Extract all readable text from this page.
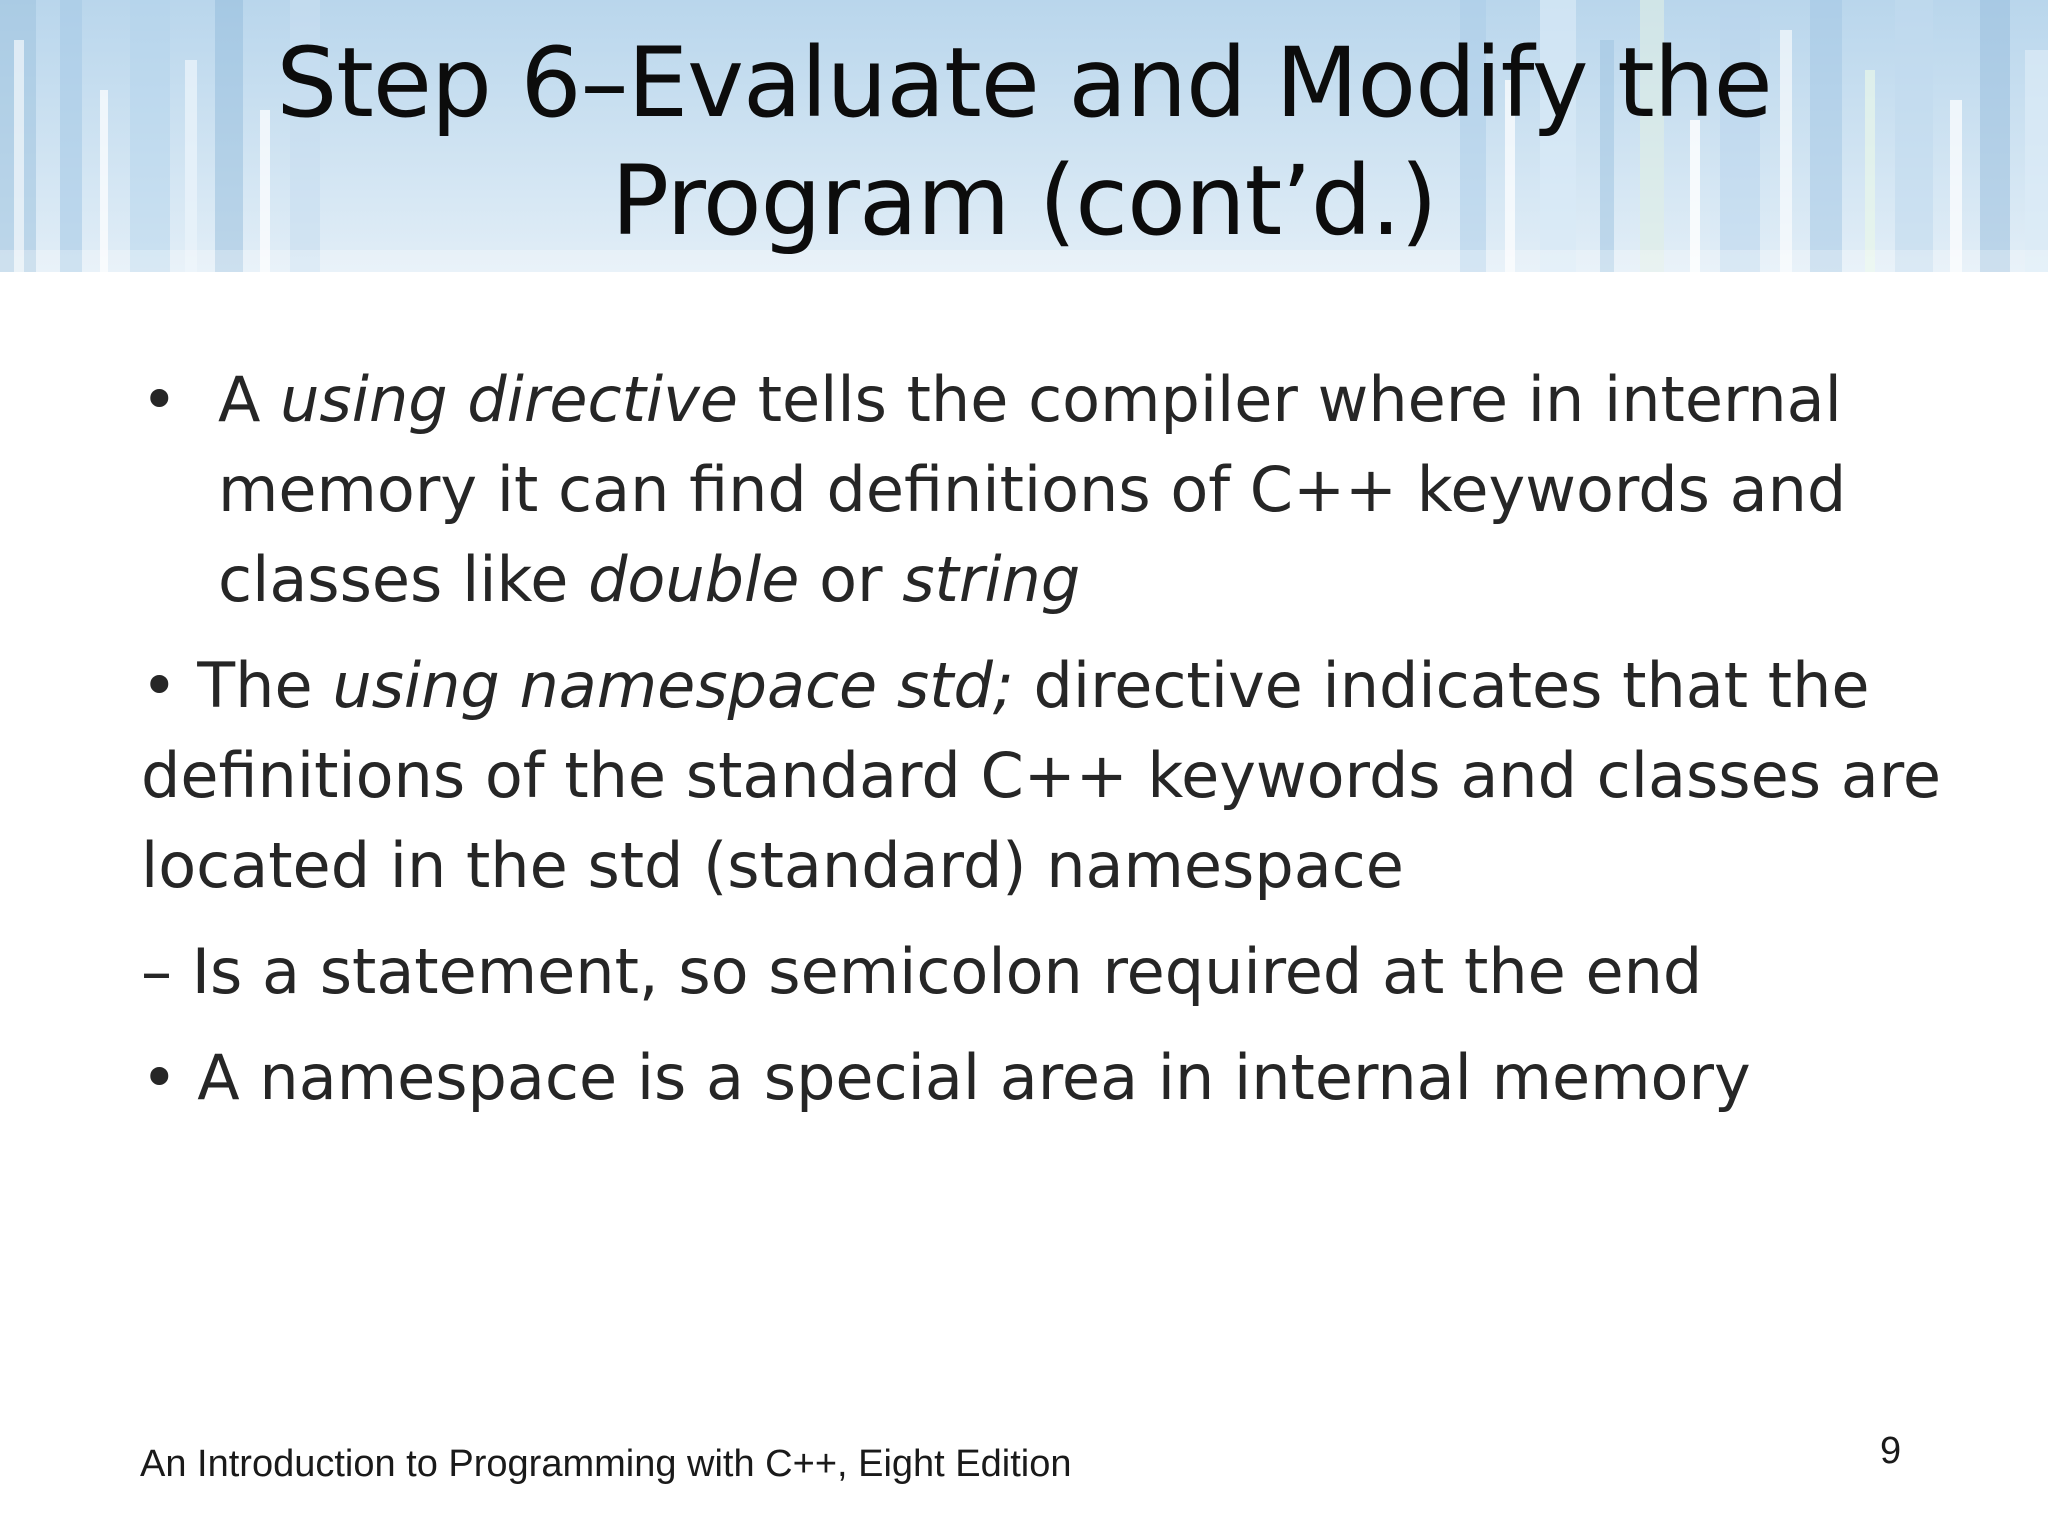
Step 6–Evaluate and Modify the
Program (cont’d.)

• A using directive tells the compiler where in internal memory it can find definitions of C++ keywords and classes like double or string

• The using namespace std; directive indicates that the definitions of the standard C++ keywords and classes are located in the std (standard) namespace

– Is a statement, so semicolon required at the end

• A namespace is a special area in internal memory

An Introduction to Programming with C++, Eight Edition	9
